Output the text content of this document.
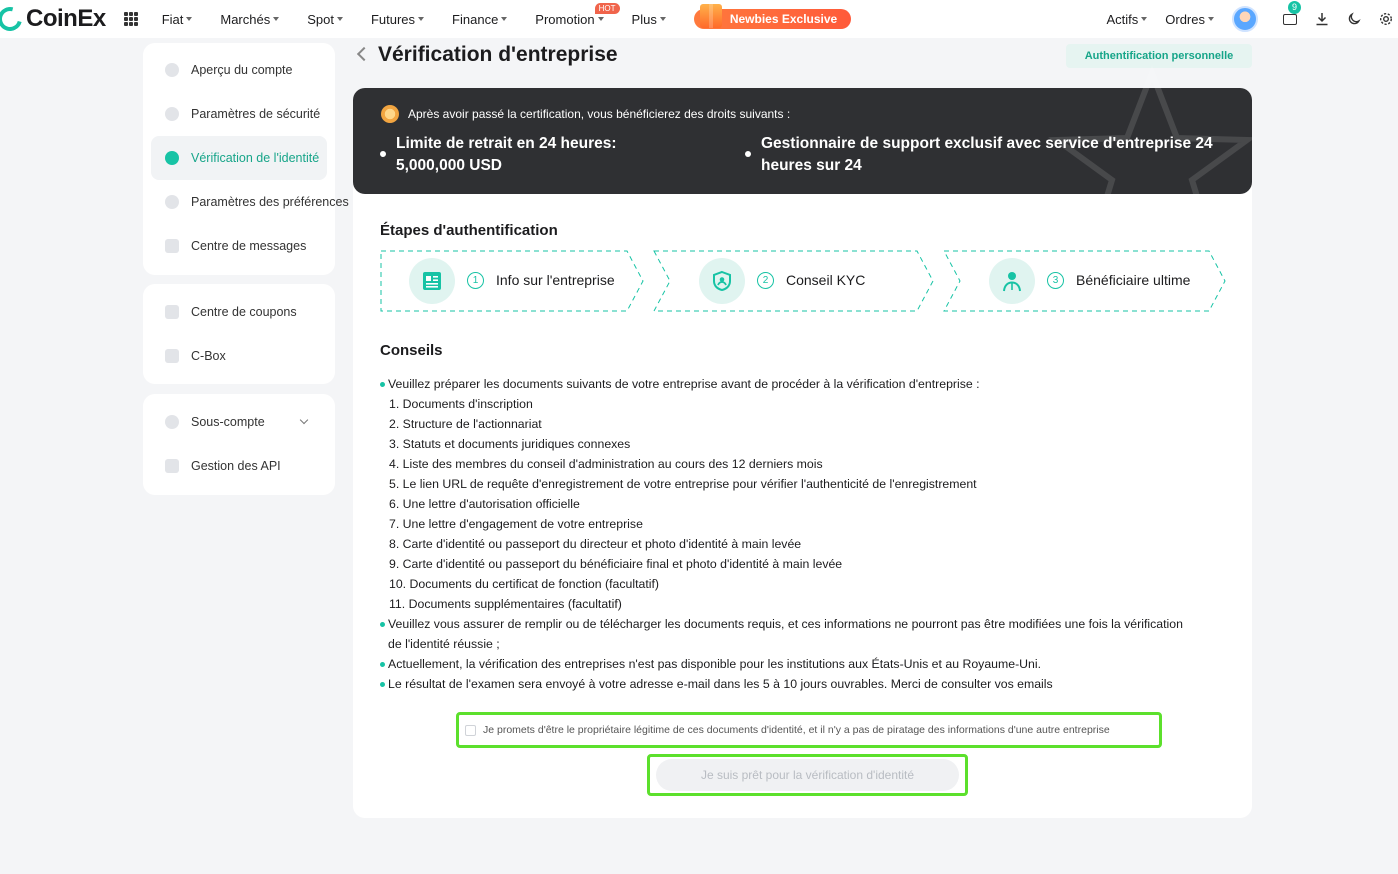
CoinEx	Fiat	Marchés	Spot	Futures	Finance	Promotion
HOT
Plus	Newbies Exclusive	Actifs Ordres
9
Aperçu du compte
Paramètres de sécurité
Vérification de l'identité
Paramètres des préférences
Centre de messages
Centre de coupons
C-Box
Sous-compte
Gestion des API
Vérification d'entreprise	Authentification personnelle
Après avoir passé la certification, vous bénéficierez des droits suivants :
Limite de retrait en 24 heures:
5,000,000 USD
Gestionnaire de support exclusif avec service d'entreprise 24
heures sur 24
Étapes d'authentification
1	Info sur l'entreprise	2	Conseil KYC	3	Bénéficiaire ultime
Conseils
Veuillez préparer les documents suivants de votre entreprise avant de procéder à la vérification d'entreprise :
1. Documents d'inscription
2. Structure de l'actionnariat
3. Statuts et documents juridiques connexes
4. Liste des membres du conseil d'administration au cours des 12 derniers mois
5. Le lien URL de requête d'enregistrement de votre entreprise pour vérifier l'authenticité de l'enregistrement
6. Une lettre d'autorisation officielle
7. Une lettre d'engagement de votre entreprise
8. Carte d'identité ou passeport du directeur et photo d'identité à main levée
9. Carte d'identité ou passeport du bénéficiaire final et photo d'identité à main levée
10. Documents du certificat de fonction (facultatif)
11. Documents supplémentaires (facultatif)
Veuillez vous assurer de remplir ou de télécharger les documents requis, et ces informations ne pourront pas être modifiées une fois la vérification
de l'identité réussie ;
Actuellement, la vérification des entreprises n'est pas disponible pour les institutions aux États-Unis et au Royaume-Uni.
Le résultat de l'examen sera envoyé à votre adresse e-mail dans les 5 à 10 jours ouvrables. Merci de consulter vos emails
Je promets d'être le propriétaire légitime de ces documents d'identité, et il n'y a pas de piratage des informations d'une autre entreprise
Je suis prêt pour la vérification d'identité
